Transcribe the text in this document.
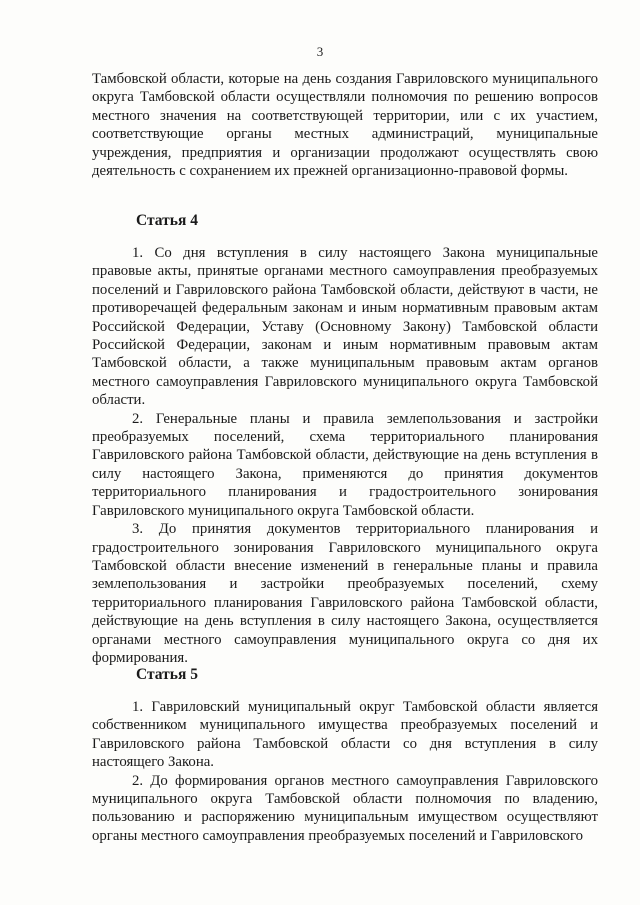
3

Тамбовской области, которые на день создания Гавриловского муниципального округа Тамбовской области осуществляли полномочия по решению вопросов местного значения на соответствующей территории, или с их участием, соответствующие органы местных администраций, муниципальные учреждения, предприятия и организации продолжают осуществлять свою деятельность с сохранением их прежней организационно-правовой формы.

Статья 4

1. Со дня вступления в силу настоящего Закона муниципальные правовые акты, принятые органами местного самоуправления преобразуемых поселений и Гавриловского района Тамбовской области, действуют в части, не противоречащей федеральным законам и иным нормативным правовым актам Российской Федерации, Уставу (Основному Закону) Тамбовской области Российской Федерации, законам и иным нормативным правовым актам Тамбовской области, а также муниципальным правовым актам органов местного самоуправления Гавриловского муниципального округа Тамбовской области.

2. Генеральные планы и правила землепользования и застройки преобразуемых поселений, схема территориального планирования Гавриловского района Тамбовской области, действующие на день вступления в силу настоящего Закона, применяются до принятия документов территориального планирования и градостроительного зонирования Гавриловского муниципального округа Тамбовской области.

3. До принятия документов территориального планирования и градостроительного зонирования Гавриловского муниципального округа Тамбовской области внесение изменений в генеральные планы и правила землепользования и застройки преобразуемых поселений, схему территориального планирования Гавриловского района Тамбовской области, действующие на день вступления в силу настоящего Закона, осуществляется органами местного самоуправления муниципального округа со дня их формирования.

Статья 5

1. Гавриловский муниципальный округ Тамбовской области является собственником муниципального имущества преобразуемых поселений и Гавриловского района Тамбовской области со дня вступления в силу настоящего Закона.

2. До формирования органов местного самоуправления Гавриловского муниципального округа Тамбовской области полномочия по владению, пользованию и распоряжению муниципальным имуществом осуществляют органы местного самоуправления преобразуемых поселений и Гавриловского
